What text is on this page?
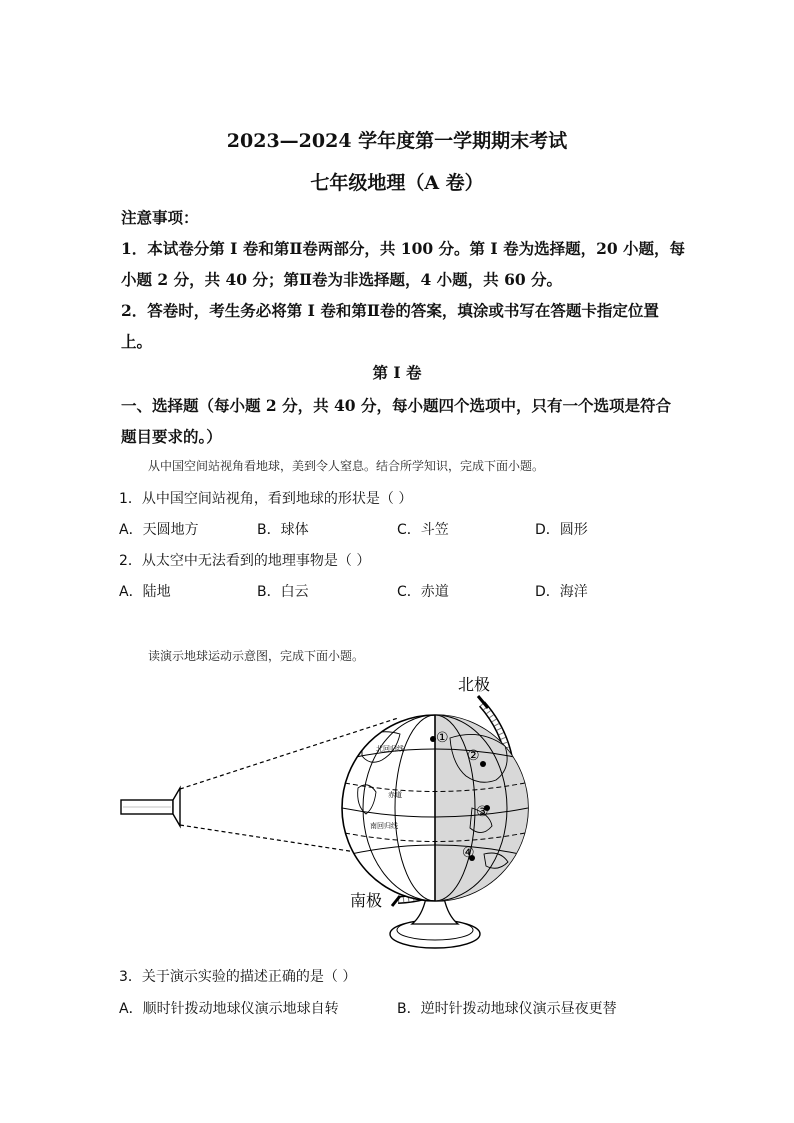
2023—2024 学年度第一学期期末考试
七年级地理（A 卷）
注意事项：
1．本试卷分第 I 卷和第Ⅱ卷两部分，共 100 分。第 I 卷为选择题，20 小题，每
小题 2 分，共 40 分；第Ⅱ卷为非选择题，4 小题，共 60 分。
2．答卷时，考生务必将第 I 卷和第Ⅱ卷的答案，填涂或书写在答题卡指定位置
上。
第 I 卷
一、选择题（每小题 2 分，共 40 分，每小题四个选项中，只有一个选项是符合
题目要求的。）
从中国空间站视角看地球，美到令人窒息。结合所学知识，完成下面小题。
1．从中国空间站视角，看到地球的形状是（ ）
A．天圆地方	B．球体	C．斗笠	D．圆形
2．从太空中无法看到的地理事物是（ ）
A．陆地	B．白云	C．赤道	D．海洋
读演示地球运动示意图，完成下面小题。
北回归线
赤道
南回归线
①
②
③
④
北极
南极
3．关于演示实验的描述正确的是（ ）
A．顺时针拨动地球仪演示地球自转	B．逆时针拨动地球仪演示昼夜更替
